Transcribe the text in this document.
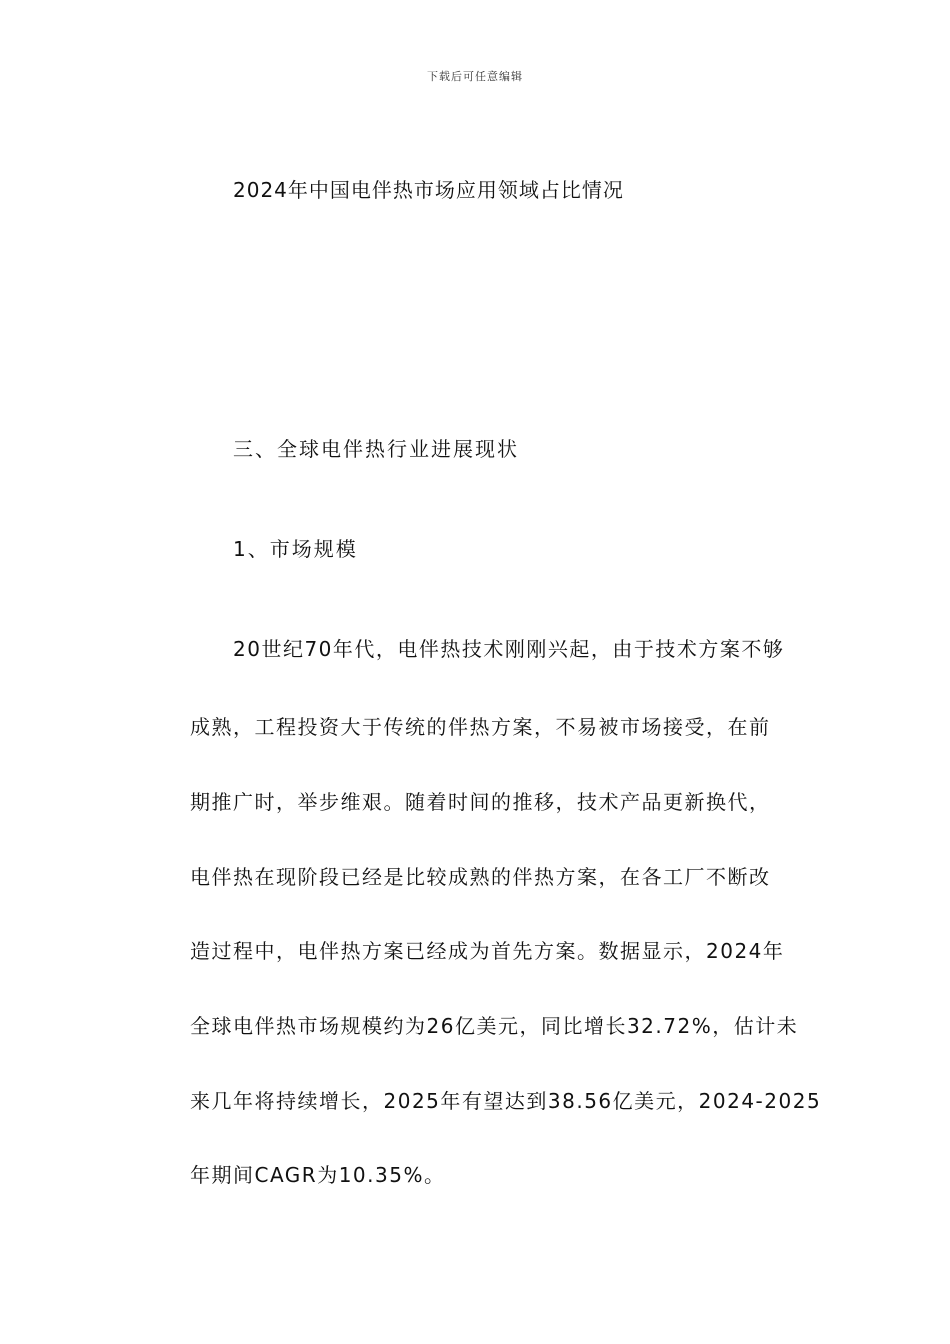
下载后可任意编辑
2024年中国电伴热市场应用领域占比情况
三、全球电伴热行业进展现状
1、市场规模
20世纪70年代，电伴热技术刚刚兴起，由于技术方案不够
成熟，工程投资大于传统的伴热方案，不易被市场接受，在前
期推广时，举步维艰。随着时间的推移，技术产品更新换代，
电伴热在现阶段已经是比较成熟的伴热方案，在各工厂不断改
造过程中，电伴热方案已经成为首先方案。数据显示，2024年
全球电伴热市场规模约为26亿美元，同比增长32.72%，估计未
来几年将持续增长，2025年有望达到38.56亿美元，2024-2025
年期间CAGR为10.35%。
